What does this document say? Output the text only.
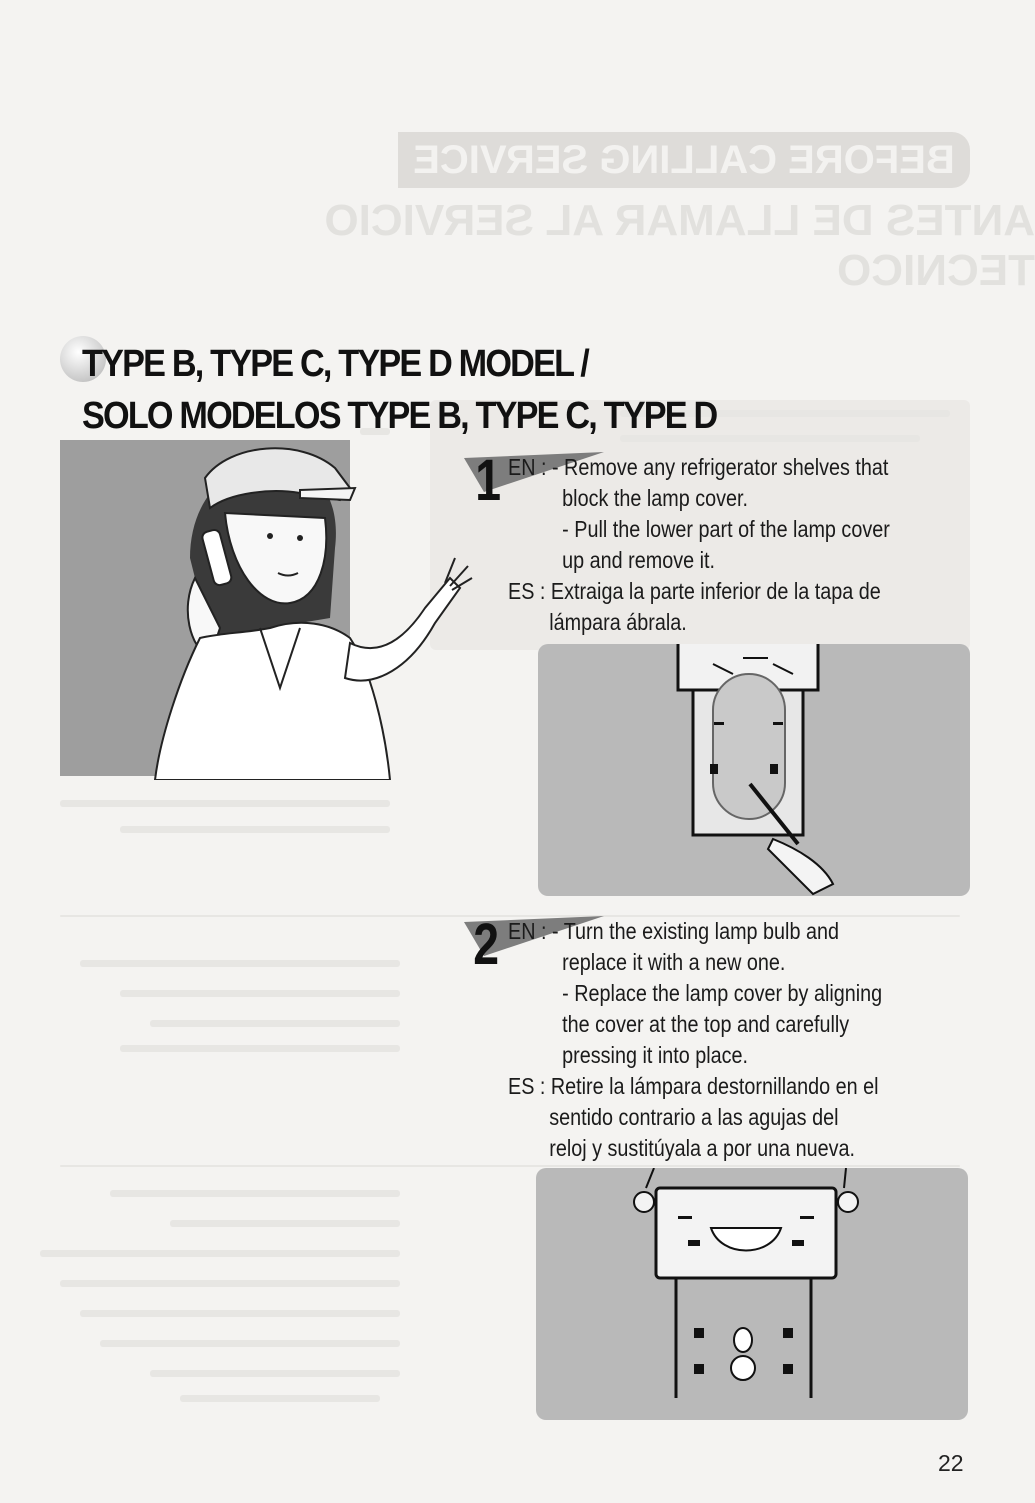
BEFORE CALLING SERVICE
ANTES DE LLAMAR AL SERVICIO TECNICO
TYPE B, TYPE C, TYPE D MODEL /
SOLO MODELOS TYPE B, TYPE C, TYPE D
1 EN : - Remove any refrigerator shelves that

block the lamp cover.

- Pull the lower part of the lamp cover

up and remove it.

ES : Extraiga la parte inferior de la tapa de

lámpara ábrala.

2 EN : - Turn the existing lamp bulb and

replace it with a new one.

- Replace the lamp cover by aligning

the cover at the top and carefully

pressing it into place.

ES : Retire la lámpara destornillando en el

sentido contrario a las agujas del

reloj y sustitúyala a por una nueva.

22
